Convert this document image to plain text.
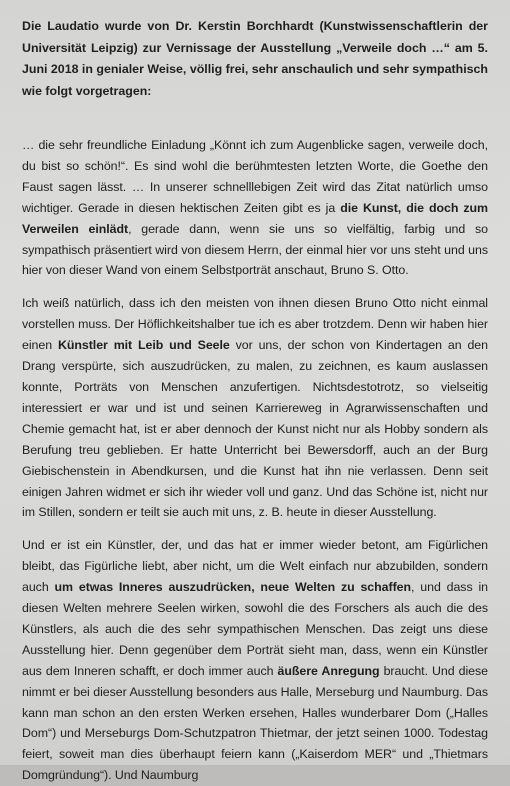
Die Laudatio wurde von Dr. Kerstin Borchhardt (Kunstwissenschaftlerin der Universität Leipzig) zur Vernissage der Ausstellung „Verweile doch …“ am 5. Juni 2018 in genialer Weise, völlig frei, sehr anschaulich und sehr sympathisch wie folgt vorgetragen:

… die sehr freundliche Einladung „Könnt ich zum Augenblicke sagen, verweile doch, du bist so schön!“. Es sind wohl die berühmtesten letzten Worte, die Goethe den Faust sagen lässt. … In unserer schnelllebigen Zeit wird das Zitat natürlich umso wichtiger. Gerade in diesen hektischen Zeiten gibt es ja die Kunst, die doch zum Verweilen einlädt, gerade dann, wenn sie uns so vielfältig, farbig und so sympathisch präsentiert wird von diesem Herrn, der einmal hier vor uns steht und uns hier von dieser Wand von einem Selbstporträt anschaut, Bruno S. Otto.

Ich weiß natürlich, dass ich den meisten von ihnen diesen Bruno Otto nicht einmal vorstellen muss. Der Höflichkeitshalber tue ich es aber trotzdem. Denn wir haben hier einen Künstler mit Leib und Seele vor uns, der schon von Kindertagen an den Drang verspürte, sich auszudrücken, zu malen, zu zeichnen, es kaum auslassen konnte, Porträts von Menschen anzufertigen. Nichtsdestotrotz, so vielseitig interessiert er war und ist und seinen Karriereweg in Agrarwissenschaften und Chemie gemacht hat, ist er aber dennoch der Kunst nicht nur als Hobby sondern als Berufung treu geblieben. Er hatte Unterricht bei Bewersdorff, auch an der Burg Giebischenstein in Abendkursen, und die Kunst hat ihn nie verlassen. Denn seit einigen Jahren widmet er sich ihr wieder voll und ganz. Und das Schöne ist, nicht nur im Stillen, sondern er teilt sie auch mit uns, z. B. heute in dieser Ausstellung.

Und er ist ein Künstler, der, und das hat er immer wieder betont, am Figürlichen bleibt, das Figürliche liebt, aber nicht, um die Welt einfach nur abzubilden, sondern auch um etwas Inneres auszudrücken, neue Welten zu schaffen, und dass in diesen Welten mehrere Seelen wirken, sowohl die des Forschers als auch die des Künstlers, als auch die des sehr sympathischen Menschen. Das zeigt uns diese Ausstellung hier. Denn gegenüber dem Porträt sieht man, dass, wenn ein Künstler aus dem Inneren schafft, er doch immer auch äußere Anregung braucht. Und diese nimmt er bei dieser Ausstellung besonders aus Halle, Merseburg und Naumburg. Das kann man schon an den ersten Werken ersehen, Halles wunderbarer Dom („Halles Dom“) und Merseburgs Dom-Schutzpatron Thietmar, der jetzt seinen 1000. Todestag feiert, soweit man dies überhaupt feiern kann („Kaiserdom MER“ und „Thietmars Domgründung“). Und Naumburg
